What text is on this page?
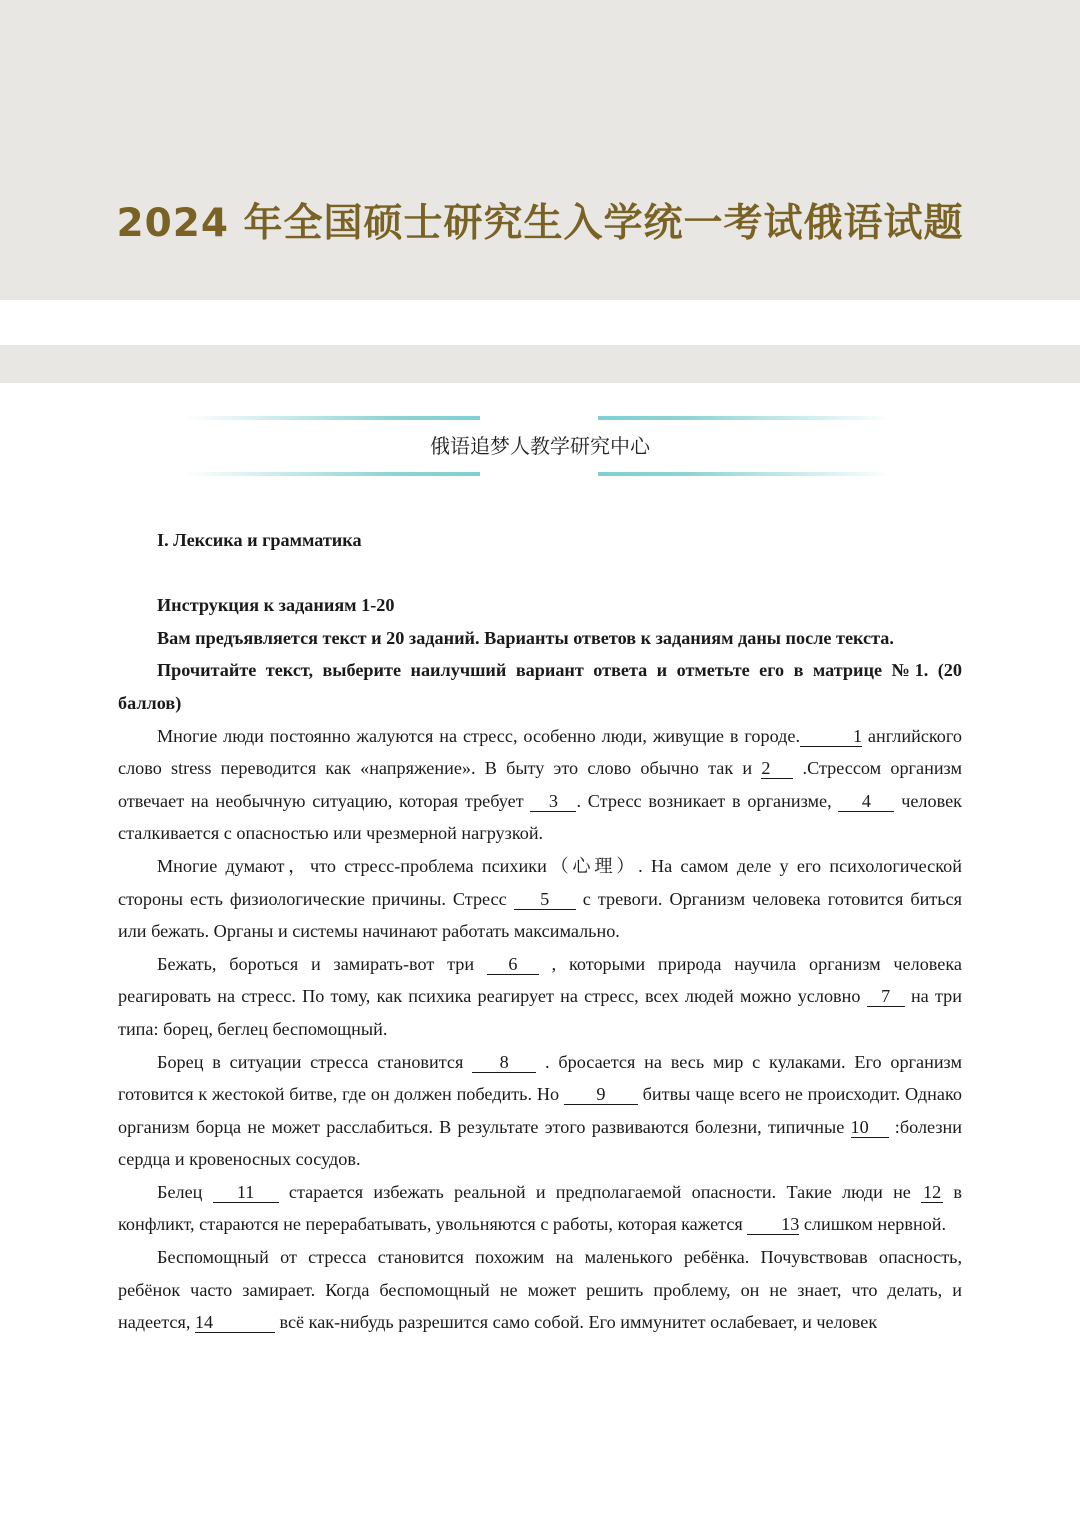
2024 年全国硕士研究生入学统一考试俄语试题
俄语追梦人教学研究中心

I. Лексика и грамматика

Инструкция к заданиям 1-20

Вам предъявляется текст и 20 заданий. Варианты ответов к заданиям даны после текста.

Прочитайте текст, выберите наилучший вариант ответа и отметьте его в матрице №1. (20 баллов)

Многие люди постоянно жалуются на стресс, особенно люди, живущие в городе.	1 английского слово stress переводится как «напряжение». В быту это слово обычно так и 2 .Стрессом организм отвечает на необычную ситуацию, которая требует 3 . Стресс возникает в организме, 4 человек сталкивается с опасностью или чрезмерной нагрузкой.

Многие думают，что стресс-проблема психики（心理）. На самом деле у его психологической стороны есть физиологические причины. Стресс 5 с тревоги. Организм человека готовится биться или бежать. Органы и системы начинают работать максимально.

Бежать, бороться и замирать-вот три 6 , которыми природа научила организм человека реагировать на стресс. По тому, как психика реагирует на стресс, всех людей можно условно 7 на три типа: борец, беглец беспомощный.

Борец в ситуации стресса становится 8 . бросается на весь мир с кулаками. Его организм готовится к жестокой битве, где он должен победить. Но 9 битвы чаще всего не происходит. Однако организм борца не может расслабиться. В результате этого развиваются болезни, типичные 10 :болезни сердца и кровеносных сосудов.

Белец 11 старается избежать реальной и предполагаемой опасности. Такие люди не 12 в конфликт, стараются не перерабатывать, увольняются с работы, которая кажется 13 слишком нервной.

Беспомощный от стресса становится похожим на маленького ребёнка. Почувствовав опасность, ребёнок часто замирает. Когда беспомощный не может решить проблему, он не знает, что делать, и надеется, 14	всё как-нибудь разрешится само собой. Его иммунитет ослабевает, и человек
